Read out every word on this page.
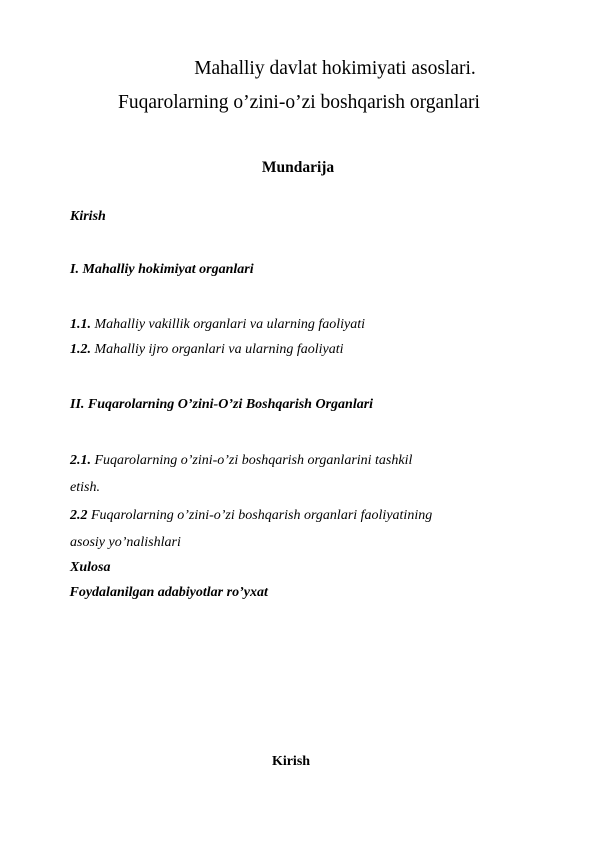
Mahalliy davlat hokimiyati asoslari.
Fuqarolarning o’zini-o’zi boshqarish organlari
Mundarija
Kirish
I. Mahalliy hokimiyat organlari
1.1. Mahalliy vakillik organlari va ularning faoliyati
1.2. Mahalliy ijro organlari va ularning faoliyati
II. Fuqarolarning O’zini-O’zi Boshqarish Organlari
2.1. Fuqarolarning o’zini-o’zi boshqarish organlarini tashkil
etish.
2.2 Fuqarolarning o’zini-o’zi boshqarish organlari faoliyatining
asosiy yo’nalishlari
Xulosa
Foydalanilgan adabiyotlar ro’yxat
Kirish
